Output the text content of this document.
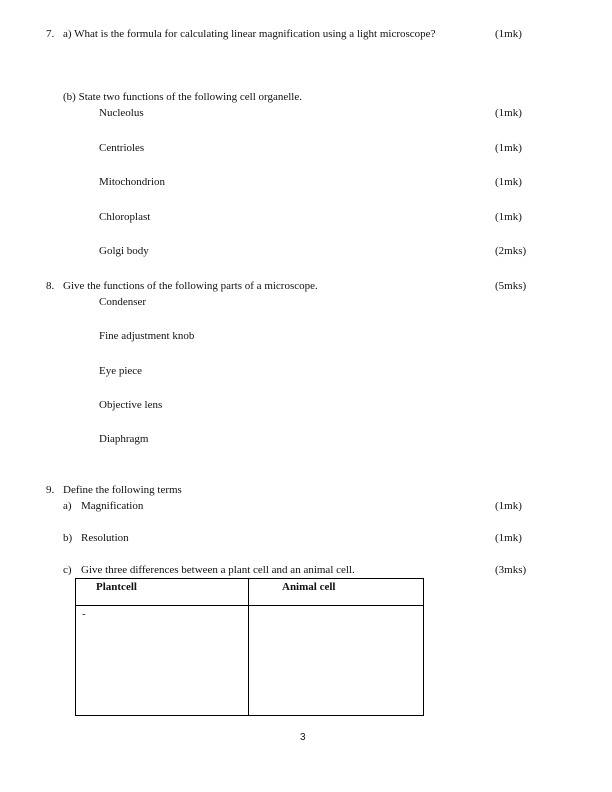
7. a) What is the formula for calculating linear magnification using a light microscope?	(1mk)
(b) State two functions of the following cell organelle.
Nucleolus	(1mk)
Centrioles	(1mk)
Mitochondrion	(1mk)
Chloroplast	(1mk)
Golgi body	(2mks)
8. Give the functions of the following parts of a microscope.	(5mks)
Condenser
Fine adjustment knob
Eye piece
Objective lens
Diaphragm
9. Define the following terms
a) Magnification	(1mk)
b) Resolution	(1mk)
c) Give three differences between a plant cell and an animal cell.	(3mks)
Plantcell	Animal cell
-	
3
